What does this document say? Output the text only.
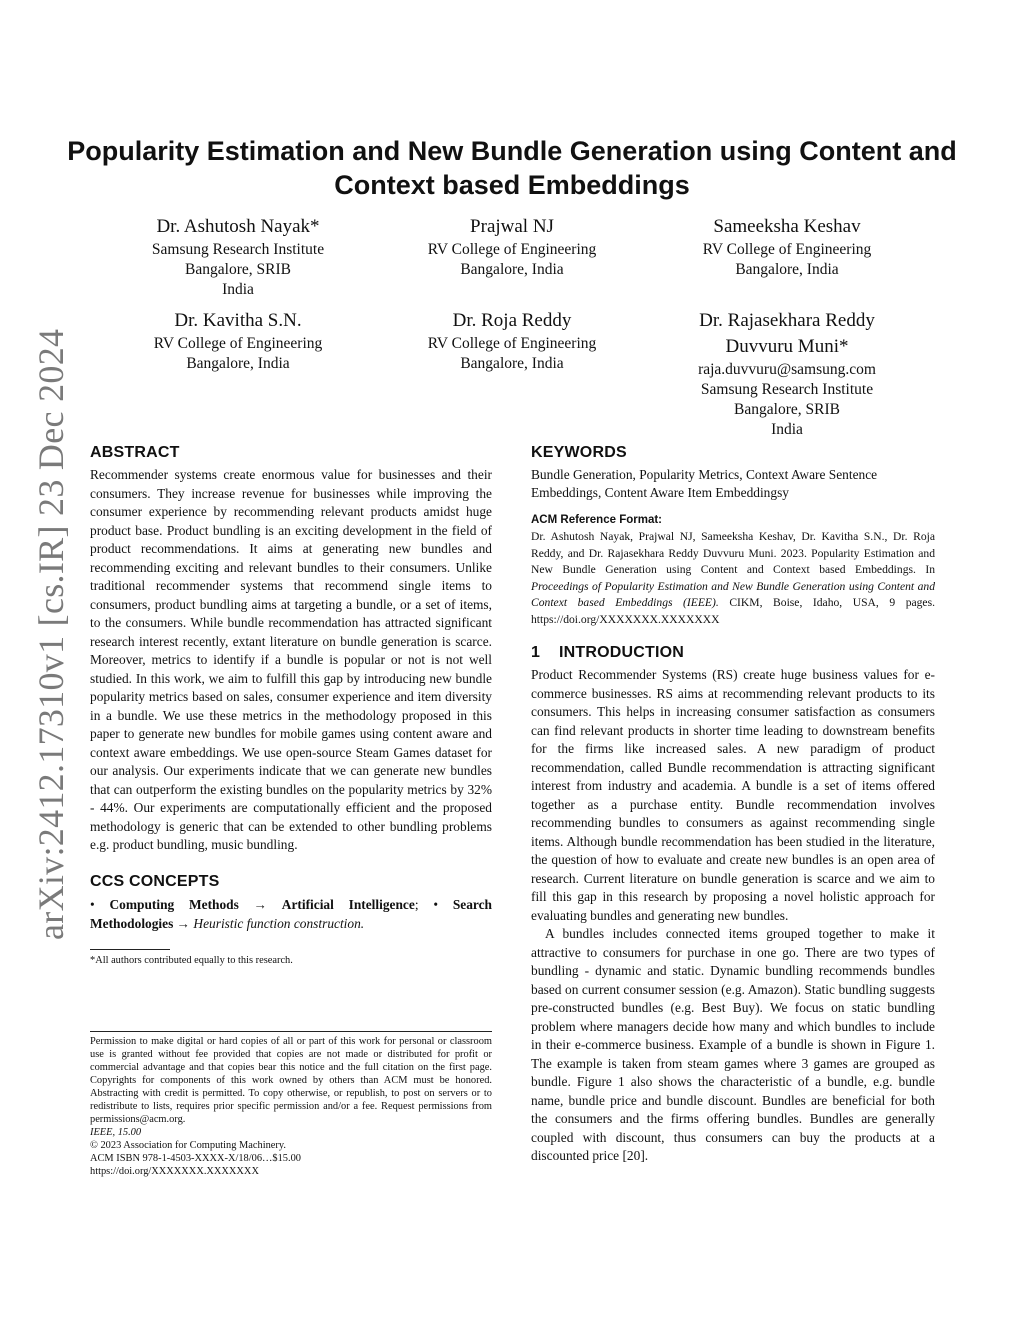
arXiv:2412.17310v1 [cs.IR] 23 Dec 2024
Popularity Estimation and New Bundle Generation using Content and Context based Embeddings
Dr. Ashutosh Nayak*
Samsung Research Institute
Bangalore, SRIB
India
Prajwal NJ
RV College of Engineering
Bangalore, India
Sameeksha Keshav
RV College of Engineering
Bangalore, India
Dr. Kavitha S.N.
RV College of Engineering
Bangalore, India
Dr. Roja Reddy
RV College of Engineering
Bangalore, India
Dr. Rajasekhara Reddy Duvvuru Muni*
raja.duvvuru@samsung.com
Samsung Research Institute
Bangalore, SRIB
India
ABSTRACT

Recommender systems create enormous value for businesses and their consumers. They increase revenue for businesses while improving the consumer experience by recommending relevant products amidst huge product base. Product bundling is an exciting development in the field of product recommendations. It aims at generating new bundles and recommending exciting and relevant bundles to their consumers. Unlike traditional recommender systems that recommend single items to consumers, product bundling aims at targeting a bundle, or a set of items, to the consumers. While bundle recommendation has attracted significant research interest recently, extant literature on bundle generation is scarce. Moreover, metrics to identify if a bundle is popular or not is not well studied. In this work, we aim to fulfill this gap by introducing new bundle popularity metrics based on sales, consumer experience and item diversity in a bundle. We use these metrics in the methodology proposed in this paper to generate new bundles for mobile games using content aware and context aware embeddings. We use open-source Steam Games dataset for our analysis. Our experiments indicate that we can generate new bundles that can outperform the existing bundles on the popularity metrics by 32% - 44%. Our experiments are computationally efficient and the proposed methodology is generic that can be extended to other bundling problems e.g. product bundling, music bundling.

CCS CONCEPTS

• Computing Methods → Artificial Intelligence; • Search Methodologies → Heuristic function construction.

*All authors contributed equally to this research.

Permission to make digital or hard copies of all or part of this work for personal or classroom use is granted without fee provided that copies are not made or distributed for profit or commercial advantage and that copies bear this notice and the full citation on the first page. Copyrights for components of this work owned by others than ACM must be honored. Abstracting with credit is permitted. To copy otherwise, or republish, to post on servers or to redistribute to lists, requires prior specific permission and/or a fee. Request permissions from permissions@acm.org.

IEEE, 15.00

© 2023 Association for Computing Machinery.

ACM ISBN 978-1-4503-XXXX-X/18/06…$15.00

https://doi.org/XXXXXXX.XXXXXXX

KEYWORDS

Bundle Generation, Popularity Metrics, Context Aware Sentence Embeddings, Content Aware Item Embeddingsy

ACM Reference Format:

Dr. Ashutosh Nayak, Prajwal NJ, Sameeksha Keshav, Dr. Kavitha S.N., Dr. Roja Reddy, and Dr. Rajasekhara Reddy Duvvuru Muni. 2023. Popularity Estimation and New Bundle Generation using Content and Context based Embeddings. In Proceedings of Popularity Estimation and New Bundle Generation using Content and Context based Embeddings (IEEE). CIKM, Boise, Idaho, USA, 9 pages. https://doi.org/XXXXXXX.XXXXXXX

1 INTRODUCTION

Product Recommender Systems (RS) create huge business values for e-commerce businesses. RS aims at recommending relevant products to its consumers. This helps in increasing consumer satisfaction as consumers can find relevant products in shorter time leading to downstream benefits for the firms like increased sales. A new paradigm of product recommendation, called Bundle recommendation is attracting significant interest from industry and academia. A bundle is a set of items offered together as a purchase entity. Bundle recommendation involves recommending bundles to consumers as against recommending single items. Although bundle recommendation has been studied in the literature, the question of how to evaluate and create new bundles is an open area of research. Current literature on bundle generation is scarce and we aim to fill this gap in this research by proposing a novel holistic approach for evaluating bundles and generating new bundles.

A bundles includes connected items grouped together to make it attractive to consumers for purchase in one go. There are two types of bundling - dynamic and static. Dynamic bundling recommends bundles based on current consumer session (e.g. Amazon). Static bundling suggests pre-constructed bundles (e.g. Best Buy). We focus on static bundling problem where managers decide how many and which bundles to include in their e-commerce business. Example of a bundle is shown in Figure 1. The example is taken from steam games where 3 games are grouped as bundle. Figure 1 also shows the characteristic of a bundle, e.g. bundle name, bundle price and bundle discount. Bundles are beneficial for both the consumers and the firms offering bundles. Bundles are generally coupled with discount, thus consumers can buy the products at a discounted price [20].
